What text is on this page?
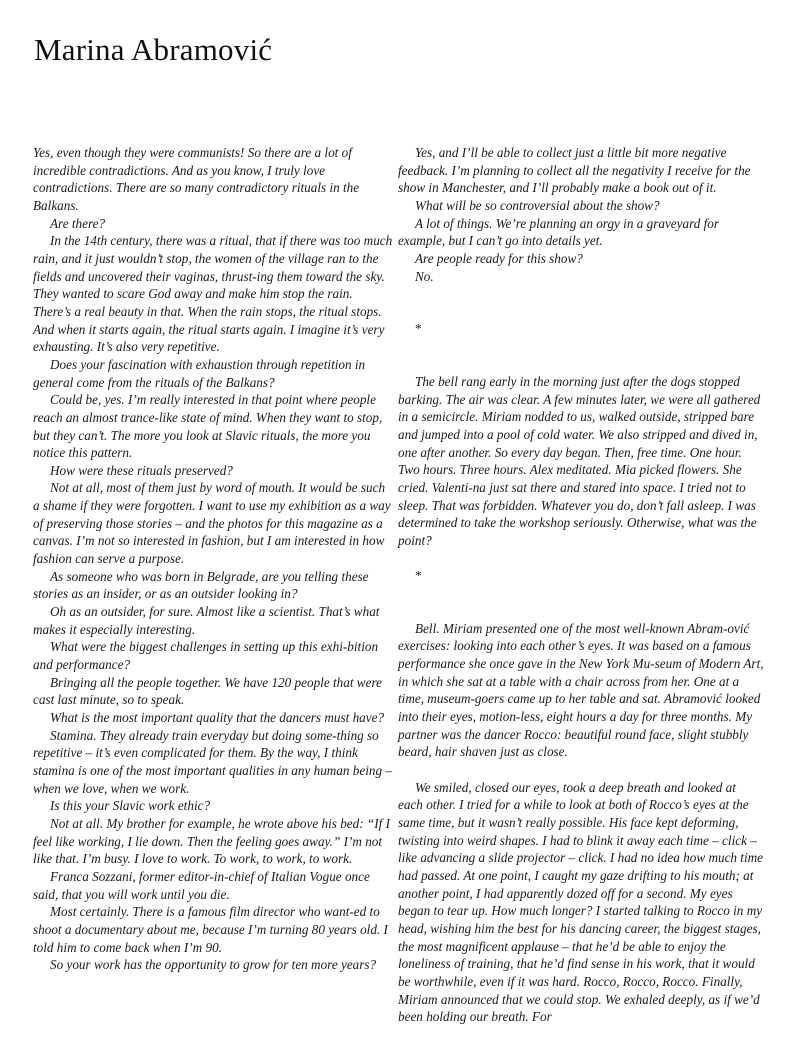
Marina Abramović

Yes, even though they were communists! So there are a lot of incredible contradictions. And as you know, I truly love contradictions. There are so many contradictory rituals in the Balkans.

Are there?

In the 14th century, there was a ritual, that if there was too much rain, and it just wouldn’t stop, the women of the village ran to the fields and uncovered their vaginas, thrust-ing them toward the sky. They wanted to scare God away and make him stop the rain. There’s a real beauty in that. When the rain stops, the ritual stops. And when it starts again, the ritual starts again. I imagine it’s very exhausting. It’s also very repetitive.

Does your fascination with exhaustion through repetition in general come from the rituals of the Balkans?

Could be, yes. I’m really interested in that point where people reach an almost trance-like state of mind. When they want to stop, but they can’t. The more you look at Slavic rituals, the more you notice this pattern.

How were these rituals preserved?

Not at all, most of them just by word of mouth. It would be such a shame if they were forgotten. I want to use my exhibition as a way of preserving those stories – and the photos for this magazine as a canvas. I’m not so interested in fashion, but I am interested in how fashion can serve a purpose.

As someone who was born in Belgrade, are you telling these stories as an insider, or as an outsider looking in?

Oh as an outsider, for sure. Almost like a scientist. That’s what makes it especially interesting.

What were the biggest challenges in setting up this exhi-bition and performance?

Bringing all the people together. We have 120 people that were cast last minute, so to speak.

What is the most important quality that the dancers must have?

Stamina. They already train everyday but doing some-thing so repetitive – it’s even complicated for them. By the way, I think stamina is one of the most important qualities in any human being – when we love, when we work.

Is this your Slavic work ethic?

Not at all. My brother for example, he wrote above his bed: “If I feel like working, I lie down. Then the feeling goes away.” I’m not like that. I’m busy. I love to work. To work, to work, to work.

Franca Sozzani, former editor-in-chief of Italian Vogue once said, that you will work until you die.

Most certainly. There is a famous film director who want-ed to shoot a documentary about me, because I’m turning 80 years old. I told him to come back when I’m 90.

So your work has the opportunity to grow for ten more years?

Yes, and I’ll be able to collect just a little bit more negative feedback. I’m planning to collect all the negativity I receive for the show in Manchester, and I’ll probably make a book out of it.

What will be so controversial about the show?

A lot of things. We’re planning an orgy in a graveyard for example, but I can’t go into details yet.

Are people ready for this show?

No.

*

The bell rang early in the morning just after the dogs stopped barking. The air was clear. A few minutes later, we were all gathered in a semicircle. Miriam nodded to us, walked outside, stripped bare and jumped into a pool of cold water. We also stripped and dived in, one after another. So every day began. Then, free time. One hour. Two hours. Three hours. Alex meditated. Mia picked flowers. She cried. Valenti-na just sat there and stared into space. I tried not to sleep. That was forbidden. Whatever you do, don’t fall asleep. I was determined to take the workshop seriously. Otherwise, what was the point?

*

Bell. Miriam presented one of the most well-known Abram-ović exercises: looking into each other’s eyes. It was based on a famous performance she once gave in the New York Mu-seum of Modern Art, in which she sat at a table with a chair across from her. One at a time, museum-goers came up to her table and sat. Abramović looked into their eyes, motion-less, eight hours a day for three months. My partner was the dancer Rocco: beautiful round face, slight stubbly beard, hair shaven just as close.

We smiled, closed our eyes, took a deep breath and looked at each other. I tried for a while to look at both of Rocco’s eyes at the same time, but it wasn’t really possible. His face kept deforming, twisting into weird shapes. I had to blink it away each time – click – like advancing a slide projector – click. I had no idea how much time had passed. At one point, I caught my gaze drifting to his mouth; at another point, I had apparently dozed off for a second. My eyes began to tear up. How much longer? I started talking to Rocco in my head, wishing him the best for his dancing career, the biggest stages, the most magnificent applause – that he’d be able to enjoy the loneliness of training, that he’d find sense in his work, that it would be worthwhile, even if it was hard. Rocco, Rocco, Rocco. Finally, Miriam announced that we could stop. We exhaled deeply, as if we’d been holding our breath. For
